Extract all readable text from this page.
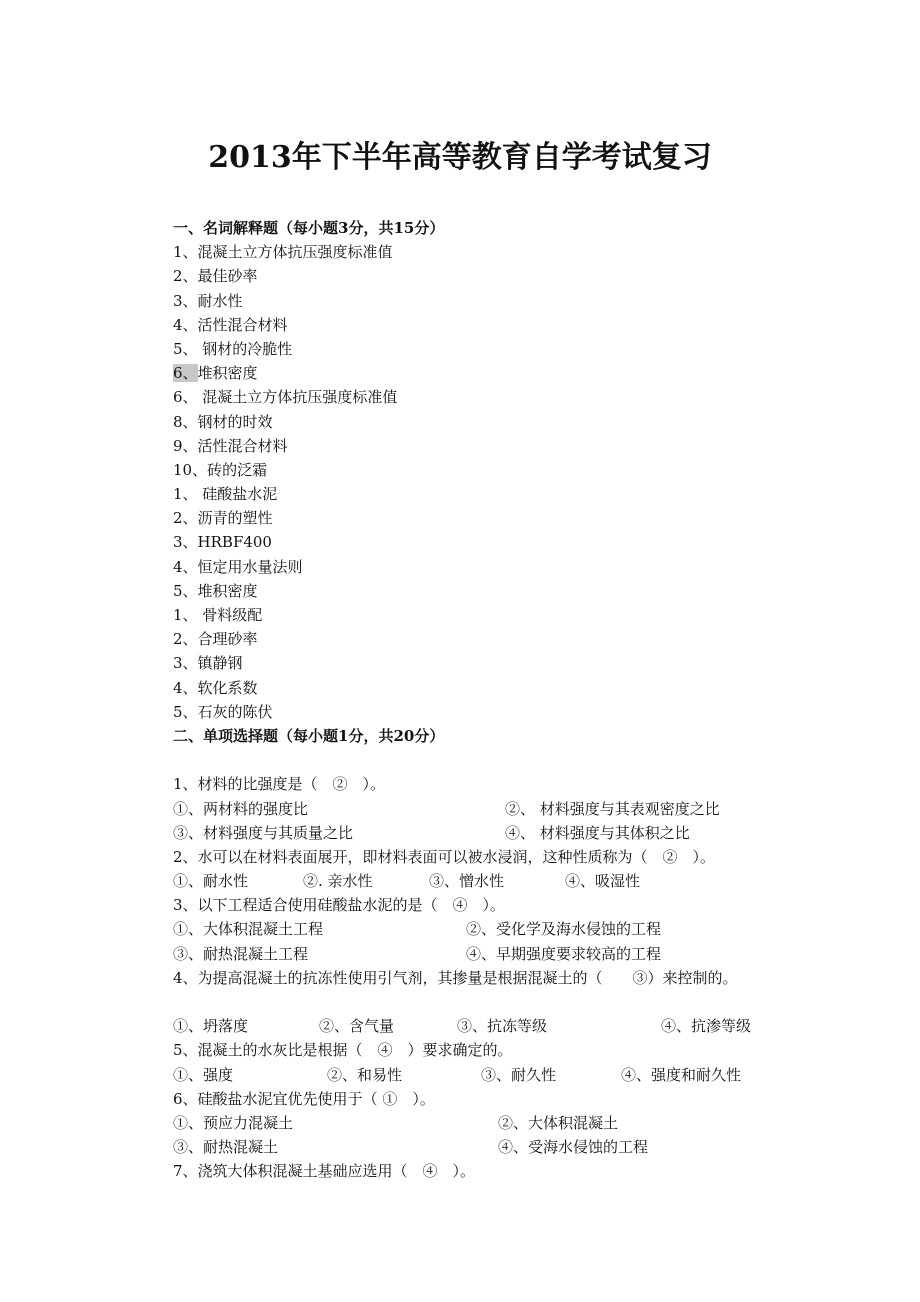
2013年下半年高等教育自学考试复习
一、名词解释题（每小题3分，共15分）
1、混凝土立方体抗压强度标准值
2、最佳砂率
3、耐水性
4、活性混合材料
5、 钢材的冷脆性
6、堆积密度
6、 混凝土立方体抗压强度标准值
8、钢材的时效
9、活性混合材料
10、砖的泛霜
1、 硅酸盐水泥
2、沥青的塑性
3、HRBF400
4、恒定用水量法则
5、堆积密度
1、 骨料级配
2、合理砂率
3、镇静钢
4、软化系数
5、石灰的陈伏
二、单项选择题（每小题1分，共20分）
1、材料的比强度是（　②　）。
①、两材料的强度比	②、 材料强度与其表观密度之比
③、材料强度与其质量之比	④、 材料强度与其体积之比
2、水可以在材料表面展开，即材料表面可以被水浸润，这种性质称为（　②　）。
①、耐水性	②. 亲水性	③、憎水性	④、吸湿性
3、以下工程适合使用硅酸盐水泥的是（　④　）。
①、大体积混凝土工程	②、受化学及海水侵蚀的工程
③、耐热混凝土工程	④、早期强度要求较高的工程
4、为提高混凝土的抗冻性使用引气剂，其掺量是根据混凝土的（　　③）来控制的。
①、坍落度	②、含气量	③、抗冻等级	④、抗渗等级
5、混凝土的水灰比是根据（　④　）要求确定的。
①、强度	②、和易性	③、耐久性	④、强度和耐久性
6、硅酸盐水泥宜优先使用于（ ①　）。
①、预应力混凝土	②、大体积混凝土
③、耐热混凝土	④、受海水侵蚀的工程
7、浇筑大体积混凝土基础应选用（　④　）。
